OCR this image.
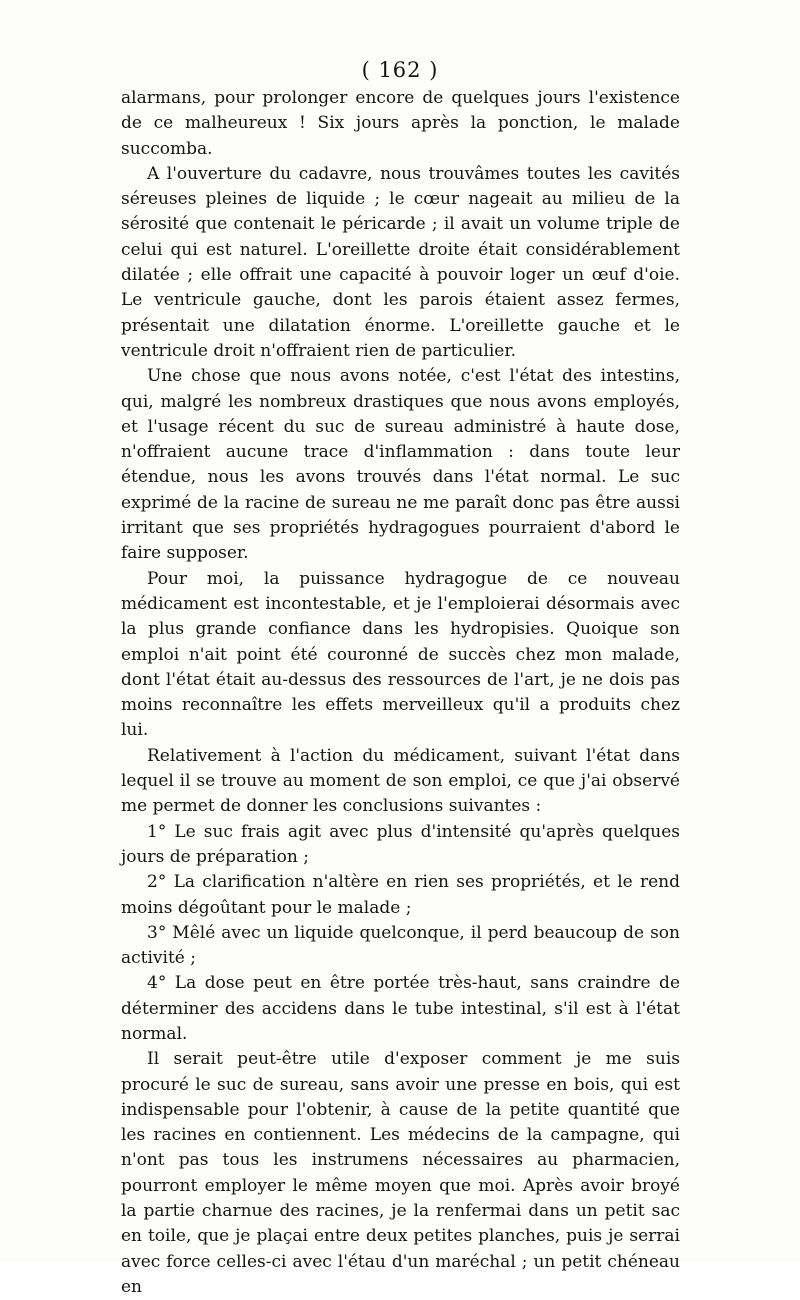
( 162 )

alarmans, pour prolonger encore de quelques jours l'existence de ce malheureux ! Six jours après la ponction, le malade succomba.

A l'ouverture du cadavre, nous trouvâmes toutes les cavités séreuses pleines de liquide ; le cœur nageait au milieu de la sérosité que contenait le péricarde ; il avait un volume triple de celui qui est naturel. L'oreillette droite était considérablement dilatée ; elle offrait une capacité à pouvoir loger un œuf d'oie. Le ventricule gauche, dont les parois étaient assez fermes, présentait une dilatation énorme. L'oreillette gauche et le ventricule droit n'offraient rien de particulier.

Une chose que nous avons notée, c'est l'état des intestins, qui, malgré les nombreux drastiques que nous avons employés, et l'usage récent du suc de sureau administré à haute dose, n'offraient aucune trace d'inflammation : dans toute leur étendue, nous les avons trouvés dans l'état normal. Le suc exprimé de la racine de sureau ne me paraît donc pas être aussi irritant que ses propriétés hydragogues pourraient d'abord le faire supposer.

Pour moi, la puissance hydragogue de ce nouveau médicament est incontestable, et je l'emploierai désormais avec la plus grande confiance dans les hydropisies. Quoique son emploi n'ait point été couronné de succès chez mon malade, dont l'état était au-dessus des ressources de l'art, je ne dois pas moins reconnaître les effets merveilleux qu'il a produits chez lui.

Relativement à l'action du médicament, suivant l'état dans lequel il se trouve au moment de son emploi, ce que j'ai observé me permet de donner les conclusions suivantes :

1° Le suc frais agit avec plus d'intensité qu'après quelques jours de préparation ;

2° La clarification n'altère en rien ses propriétés, et le rend moins dégoûtant pour le malade ;

3° Mêlé avec un liquide quelconque, il perd beaucoup de son activité ;

4° La dose peut en être portée très-haut, sans craindre de déterminer des accidens dans le tube intestinal, s'il est à l'état normal.

Il serait peut-être utile d'exposer comment je me suis procuré le suc de sureau, sans avoir une presse en bois, qui est indispensable pour l'obtenir, à cause de la petite quantité que les racines en contiennent. Les médecins de la campagne, qui n'ont pas tous les instrumens nécessaires au pharmacien, pourront employer le même moyen que moi. Après avoir broyé la partie charnue des racines, je la renfermai dans un petit sac en toile, que je plaçai entre deux petites planches, puis je serrai avec force celles-ci avec l'étau d'un maréchal ; un petit chéneau en
